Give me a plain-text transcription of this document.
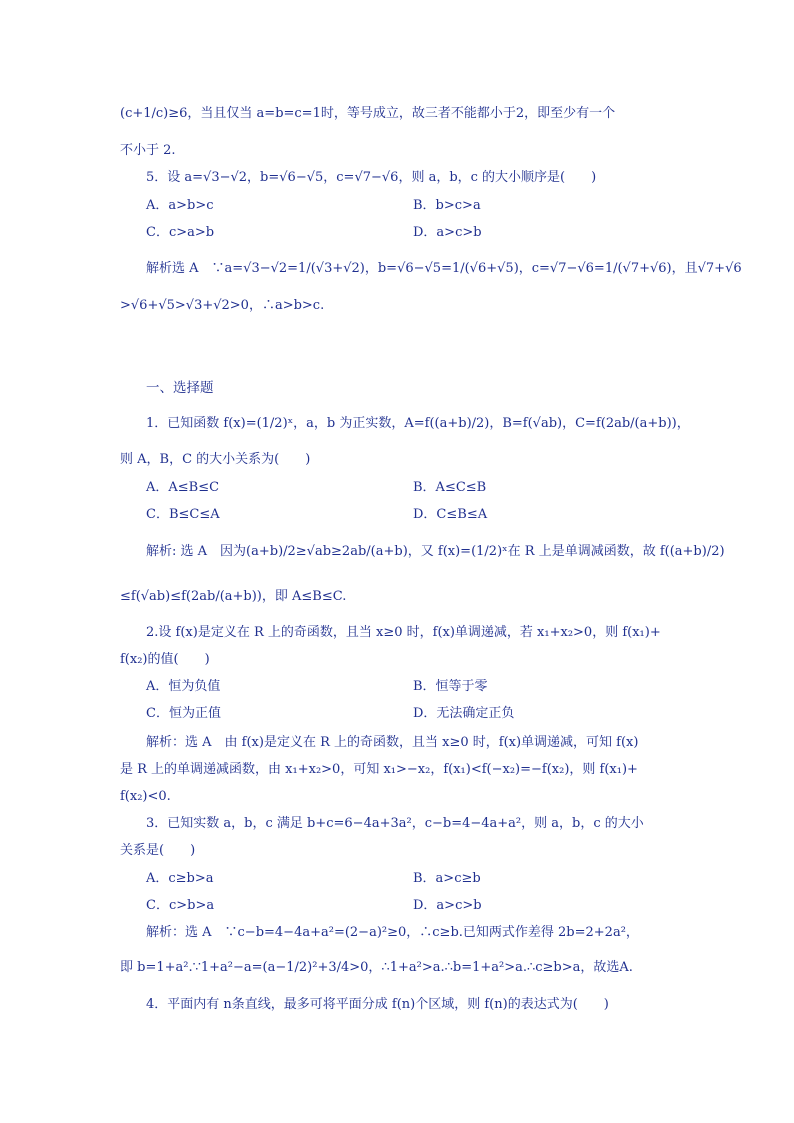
(c+1/c)≥6，当且仅当 a=b=c=1时，等号成立，故三者不能都小于2，即至少有一个
不小于 2.
5．设 a=√3−√2，b=√6−√5，c=√7−√6，则 a，b，c 的大小顺序是(　　)
A．a>b>c	B．b>c>a
C．c>a>b	D．a>c>b
解析选 A　∵a=√3−√2=1/(√3+√2)，b=√6−√5=1/(√6+√5)，c=√7−√6=1/(√7+√6)，且√7+√6
>√6+√5>√3+√2>0，∴a>b>c.
一、选择题
1．已知函数 f(x)=(1/2)ˣ，a，b 为正实数，A=f((a+b)/2)，B=f(√ab)，C=f(2ab/(a+b))，
则 A，B，C 的大小关系为(　　)
A．A≤B≤C	B．A≤C≤B
C．B≤C≤A	D．C≤B≤A
解析: 选 A　因为(a+b)/2≥√ab≥2ab/(a+b)，又 f(x)=(1/2)ˣ在 R 上是单调减函数，故 f((a+b)/2)
≤f(√ab)≤f(2ab/(a+b))，即 A≤B≤C.
2.设 f(x)是定义在 R 上的奇函数，且当 x≥0 时，f(x)单调递减，若 x₁+x₂>0，则 f(x₁)+
f(x₂)的值(　　)
A．恒为负值	B．恒等于零
C．恒为正值	D．无法确定正负
解析：选 A　由 f(x)是定义在 R 上的奇函数，且当 x≥0 时，f(x)单调递减，可知 f(x)
是 R 上的单调递减函数，由 x₁+x₂>0，可知 x₁>−x₂，f(x₁)<f(−x₂)=−f(x₂)，则 f(x₁)+
f(x₂)<0.
3．已知实数 a，b，c 满足 b+c=6−4a+3a²，c−b=4−4a+a²，则 a，b，c 的大小
关系是(　　)
A．c≥b>a	B．a>c≥b
C．c>b>a	D．a>c>b
解析：选 A　∵c−b=4−4a+a²=(2−a)²≥0，∴c≥b.已知两式作差得 2b=2+2a²，
即 b=1+a².∵1+a²−a=(a−1/2)²+3/4>0，∴1+a²>a.∴b=1+a²>a.∴c≥b>a，故选A.
4．平面内有 n条直线，最多可将平面分成 f(n)个区域，则 f(n)的表达式为(　　)
